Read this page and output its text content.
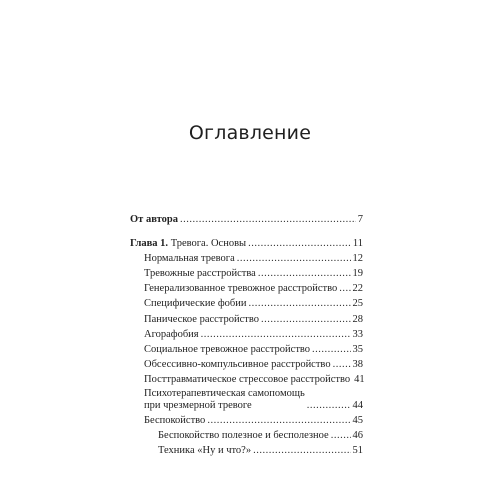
Оглавление
От автора .....	7
Глава 1. Тревога. Основы .....	11
Нормальная тревога .....	12
Тревожные расстройства .....	19
Генерализованное тревожное расстройство ..... 22
Специфические фобии .....	25
Паническое расстройство .....	28
Агорафобия .....	33
Социальное тревожное расстройство .....	35
Обсессивно-компульсивное расстройство ..... 38
Посттравматическое стрессовое расстройство 41
Психотерапевтическая самопомощь
при чрезмерной тревоге .....	44
Беспокойство .....	45
Беспокойство полезное и бесполезное ..... 46
Техника «Ну и что?» .....	51
